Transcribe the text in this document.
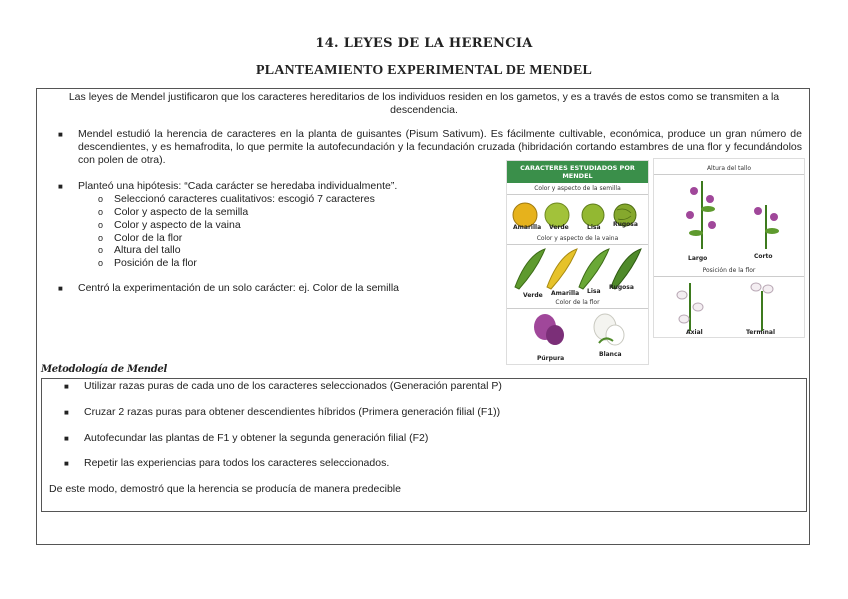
14. LEYES DE LA HERENCIA
PLANTEAMIENTO EXPERIMENTAL DE MENDEL
Las leyes de Mendel justificaron que los caracteres hereditarios de los individuos residen en los gametos, y es a través de estos como se transmiten a la descendencia.
■ Mendel estudió la herencia de caracteres en la planta de guisantes (Pisum Sativum). Es fácilmente cultivable, económica, produce un gran número de descendientes, y es hemafrodita, lo que permite la autofecundación y la fecundación cruzada (hibridación cortando estambres de una flor y fecundándolos con polen de otra).
■ Planteó una hipótesis: “Cada carácter se heredaba individualmente”.
o Seleccionó caracteres cualitativos: escogió 7 caracteres
o Color y aspecto de la semilla
o Color y aspecto de la vaina
o Color de la flor
o Altura del tallo
o Posición de la flor
■ Centró la experimentación de un solo carácter: ej. Color de la semilla
CARACTERES ESTUDIADOS POR MENDEL
Color y aspecto de la semilla
Amarilla Verde	Lisa Rugosa
Color y aspecto de la vaina
Verde Amarilla Lisa
Rugosa
Color de la flor
Púrpura
Blanca
Altura del tallo
Largo	Corto
Posición de la flor
Axial	Terminal
Metodología de Mendel
■ Utilizar razas puras de cada uno de los caracteres seleccionados (Generación parental P)
■ Cruzar 2 razas puras para obtener descendientes híbridos (Primera generación filial (F1))
■ Autofecundar las plantas de F1 y obtener la segunda generación filial (F2)
■ Repetir las experiencias para todos los caracteres seleccionados.
De este modo, demostró que la herencia se producía de manera predecible
